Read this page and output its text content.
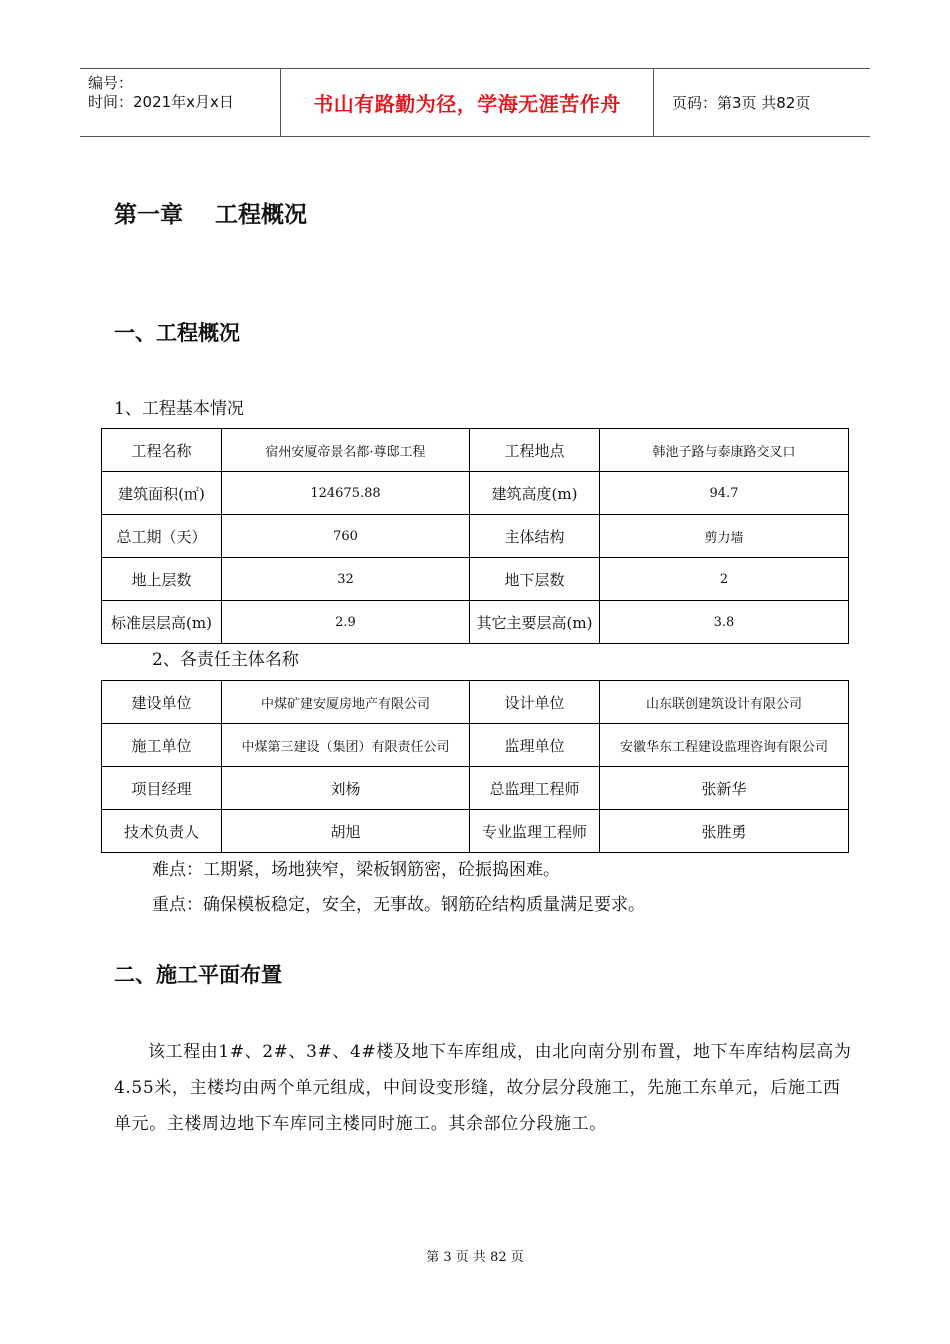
编号：
时间：2021年x月x日	书山有路勤为径，学海无涯苦作舟	页码：第3页 共82页
第一章    工程概况
一、工程概况
1、工程基本情况
工程名称	宿州安厦帝景名都·尊邸工程	工程地点	韩池子路与泰康路交叉口
建筑面积(㎡)	124675.88	建筑高度(m)	94.7
总工期（天）	760	主体结构	剪力墙
地上层数	32	地下层数	2
标准层层高(m)	2.9	其它主要层高(m)	3.8
2、各责任主体名称
建设单位	中煤矿建安厦房地产有限公司	设计单位	山东联创建筑设计有限公司
施工单位	中煤第三建设（集团）有限责任公司	监理单位	安徽华东工程建设监理咨询有限公司
项目经理	刘杨	总监理工程师	张新华
技术负责人	胡旭	专业监理工程师	张胜勇
难点：工期紧，场地狭窄，梁板钢筋密，砼振捣困难。
重点：确保模板稳定，安全，无事故。钢筋砼结构质量满足要求。
二、施工平面布置
该工程由1#、2#、3#、4#楼及地下车库组成，由北向南分别布置，地下车库结构层高为4.55米，主楼均由两个单元组成，中间设变形缝，故分层分段施工，先施工东单元，后施工西单元。主楼周边地下车库同主楼同时施工。其余部位分段施工。
第 3 页 共 82 页
